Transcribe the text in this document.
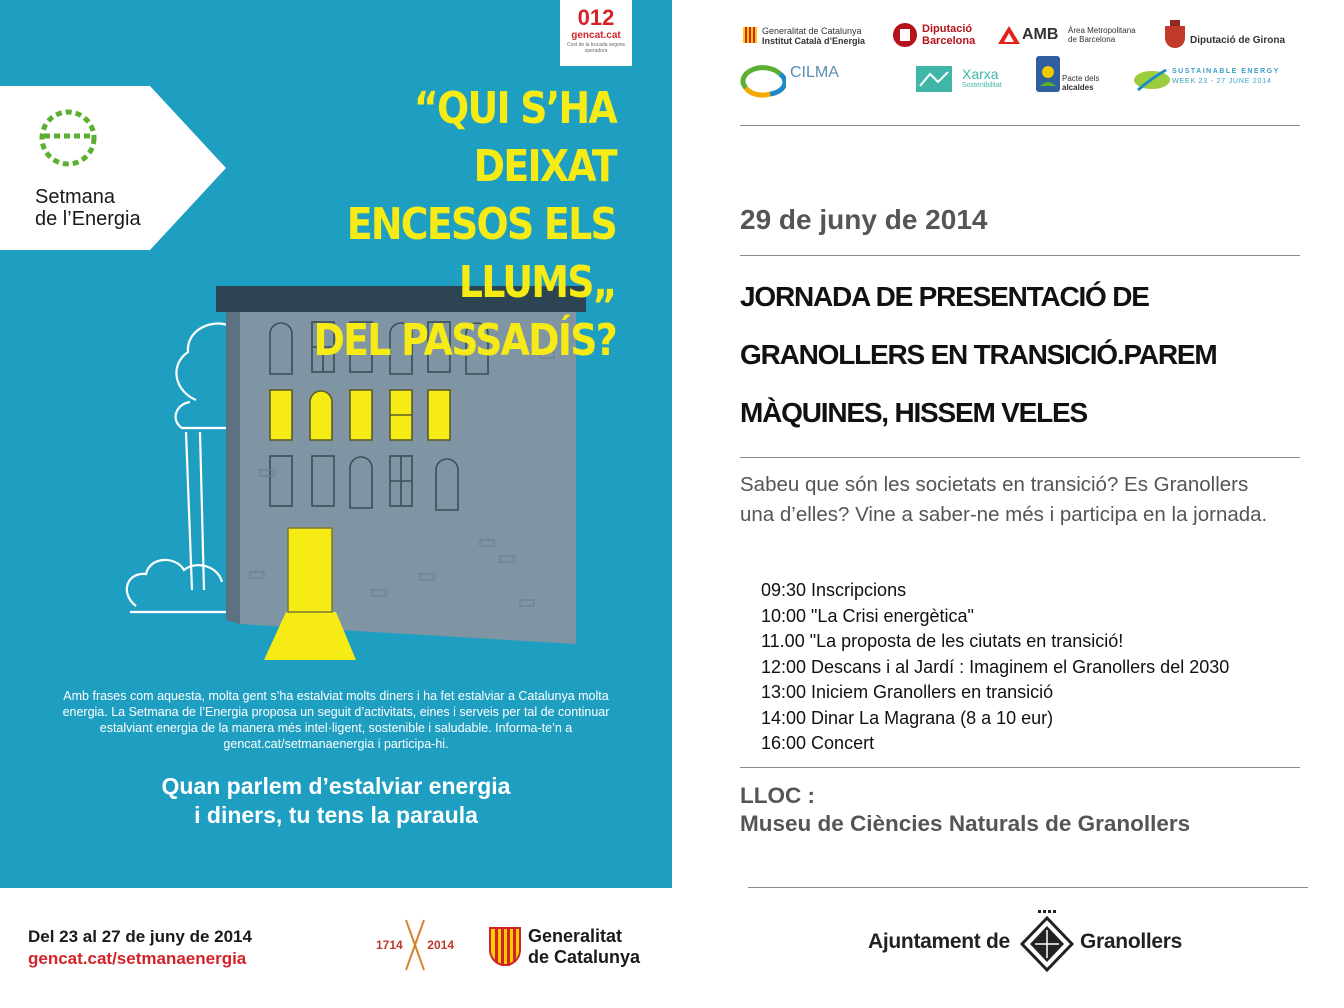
Setmana
de l’Energia
012
gencat.cat
Cost de la trucada segons operadora
“QUI S’HA DEIXAT
ENCESOS ELS LLUMS„
DEL PASSADÍS?
Amb frases com aquesta, molta gent s’ha estalviat molts diners i ha fet estalviar a Catalunya molta energia. La Setmana de l’Energia proposa un seguit d’activitats, eines i serveis per tal de continuar estalviant energia de la manera més intel·ligent, sostenible i saludable. Informa-te’n a gencat.cat/setmanaenergia i participa-hi.
Quan parlem d’estalviar energia
i diners, tu tens la paraula
Del 23 al 27 de juny de 2014
gencat.cat/setmanaenergia
1714 2014	Generalitat
de Catalunya
Generalitat de Catalunya
Institut Català d’Energia
Diputació
Barcelona	AMB Àrea Metropolitana
de Barcelona	Diputació de Girona
CILMA	Xarxa
Sostenibilitat
Pacte dels
alcaldes
SUSTAINABLE ENERGY
WEEK 23 - 27 JUNE 2014
29 de juny de 2014
JORNADA DE PRESENTACIÓ DE
GRANOLLERS EN TRANSICIÓ.PAREM
MÀQUINES, HISSEM VELES
Sabeu que són les societats en transició? Es Granollers una d’elles? Vine a saber-ne més i participa en la jornada.
09:30 Inscripcions
10:00 "La Crisi energètica"
11.00 "La proposta de les ciutats en transició!
12:00 Descans i al Jardí : Imaginem el Granollers del 2030
13:00 Iniciem Granollers en transició
14:00 Dinar La Magrana (8 a 10 eur)
16:00 Concert
LLOC :
Museu de Ciències Naturals de Granollers
Ajuntament de	Granollers
